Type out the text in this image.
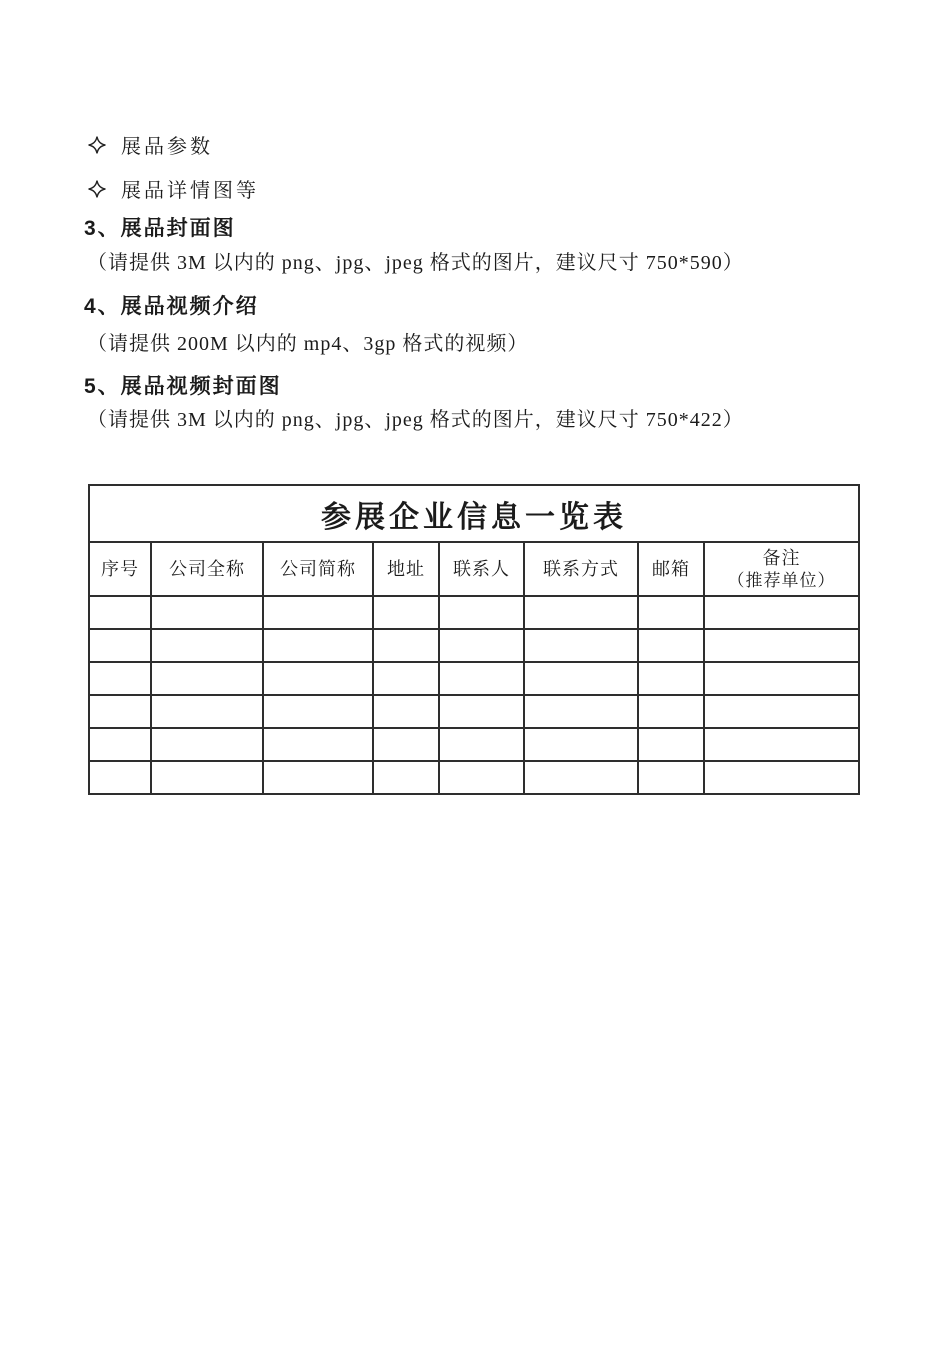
展品参数
展品详情图等

3、展品封面图

（请提供 3M 以内的 png、jpg、jpeg 格式的图片，建议尺寸 750*590）

4、展品视频介绍

（请提供 200M 以内的 mp4、3gp 格式的视频）

5、展品视频封面图

（请提供 3M 以内的 png、jpg、jpeg 格式的图片，建议尺寸 750*422）

参展企业信息一览表							

序号	公司全称	公司简称	地址	联系人	联系方式	邮箱	备注
（推荐单位）
